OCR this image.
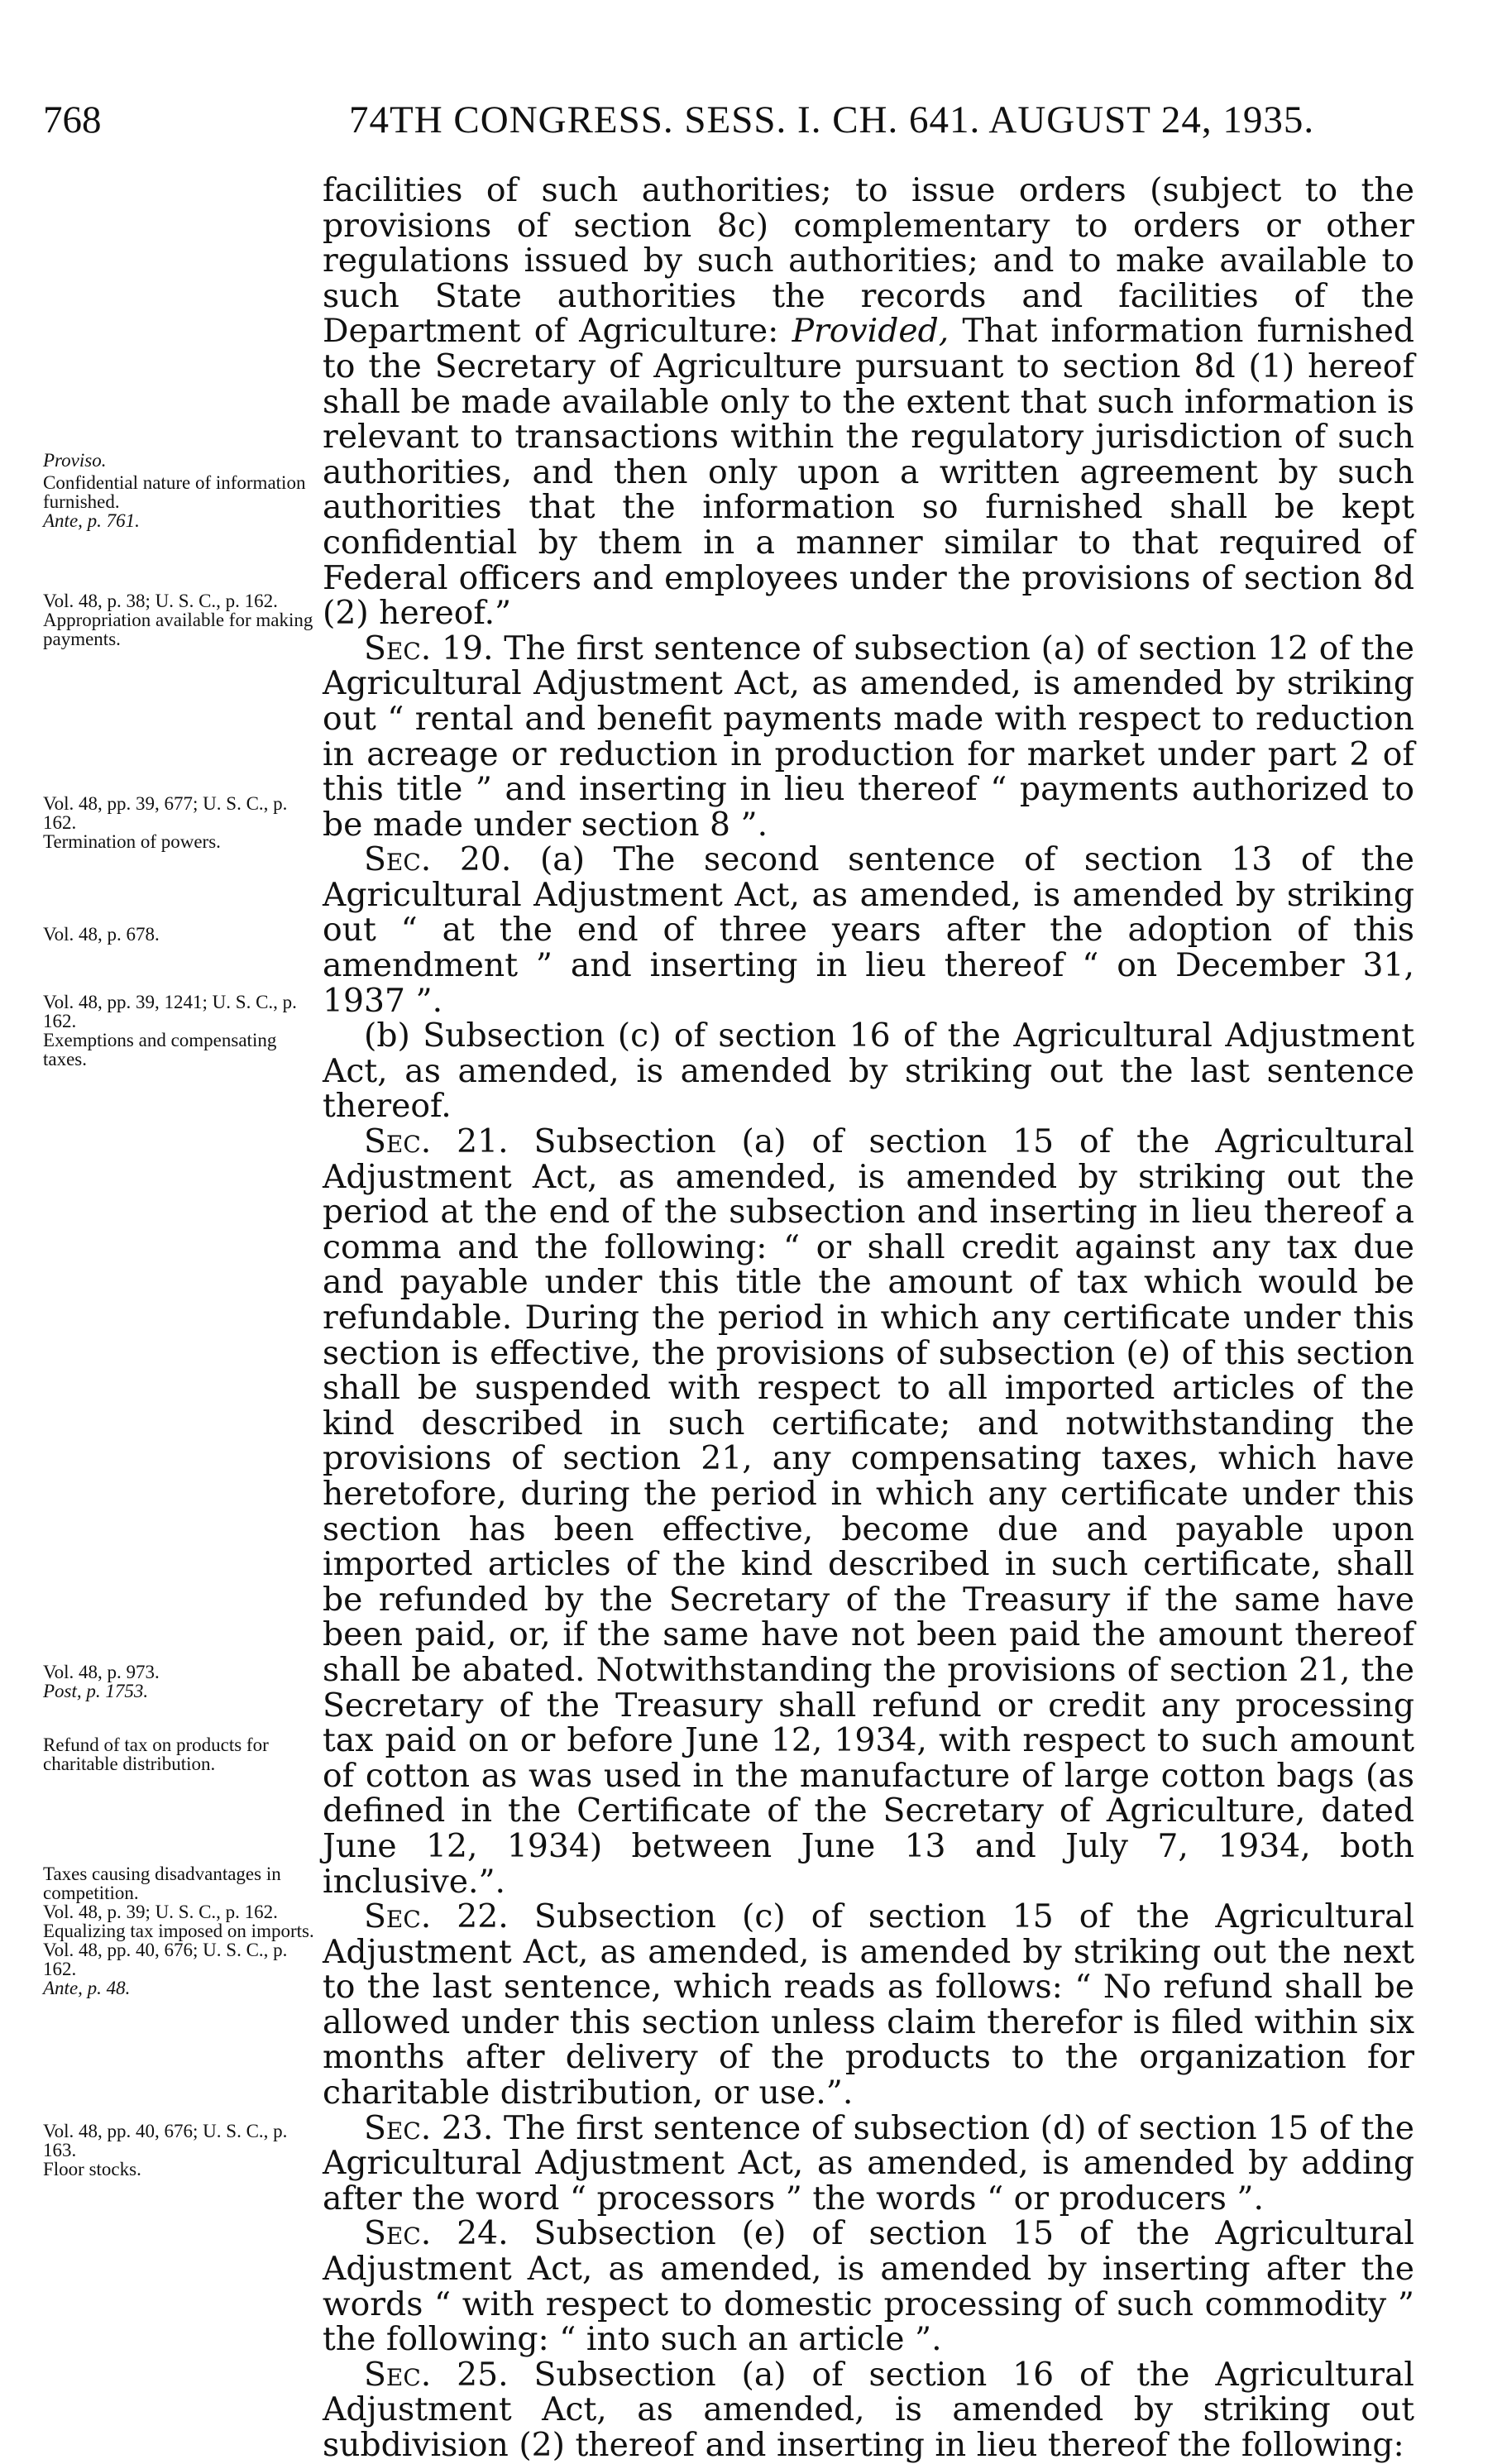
768	74TH CONGRESS. SESS. I. CH. 641. AUGUST 24, 1935.
Proviso.
Confidential nature of information furnished.
Ante, p. 761.
Vol. 48, p. 38; U. S. C., p. 162.
Appropriation available for making payments.
Vol. 48, pp. 39, 677; U. S. C., p. 162.
Termination of powers.
Vol. 48, p. 678.
Vol. 48, pp. 39, 1241; U. S. C., p. 162.
Exemptions and compensating taxes.
Vol. 48, p. 973.
Post, p. 1753.
Refund of tax on products for charitable distribution.
Taxes causing disadvantages in competition.
Vol. 48, p. 39; U. S. C., p. 162.
Equalizing tax imposed on imports.
Vol. 48, pp. 40, 676; U. S. C., p. 162.
Ante, p. 48.
Vol. 48, pp. 40, 676; U. S. C., p. 163.
Floor stocks.

facilities of such authorities; to issue orders (subject to the provisions of section 8c) complementary to orders or other regulations issued by such authorities; and to make available to such State authorities the records and facilities of the Department of Agriculture: Provided, That information furnished to the Secretary of Agriculture pursuant to section 8d (1) hereof shall be made available only to the extent that such information is relevant to transactions within the regulatory jurisdiction of such authorities, and then only upon a written agreement by such authorities that the information so furnished shall be kept confidential by them in a manner similar to that required of Federal officers and employees under the provisions of section 8d (2) hereof.”

Sec. 19. The first sentence of subsection (a) of section 12 of the Agricultural Adjustment Act, as amended, is amended by striking out “ rental and benefit payments made with respect to reduction in acreage or reduction in production for market under part 2 of this title ” and inserting in lieu thereof “ payments authorized to be made under section 8 ”.

Sec. 20. (a) The second sentence of section 13 of the Agricultural Adjustment Act, as amended, is amended by striking out “ at the end of three years after the adoption of this amendment ” and inserting in lieu thereof “ on December 31, 1937 ”.

(b) Subsection (c) of section 16 of the Agricultural Adjustment Act, as amended, is amended by striking out the last sentence thereof.

Sec. 21. Subsection (a) of section 15 of the Agricultural Adjustment Act, as amended, is amended by striking out the period at the end of the subsection and inserting in lieu thereof a comma and the following: “ or shall credit against any tax due and payable under this title the amount of tax which would be refundable. During the period in which any certificate under this section is effective, the provisions of subsection (e) of this section shall be suspended with respect to all imported articles of the kind described in such certificate; and notwithstanding the provisions of section 21, any compensating taxes, which have heretofore, during the period in which any certificate under this section has been effective, become due and payable upon imported articles of the kind described in such certificate, shall be refunded by the Secretary of the Treasury if the same have been paid, or, if the same have not been paid the amount thereof shall be abated. Notwithstanding the provisions of section 21, the Secretary of the Treasury shall refund or credit any processing tax paid on or before June 12, 1934, with respect to such amount of cotton as was used in the manufacture of large cotton bags (as defined in the Certificate of the Secretary of Agriculture, dated June 12, 1934) between June 13 and July 7, 1934, both inclusive.”.

Sec. 22. Subsection (c) of section 15 of the Agricultural Adjustment Act, as amended, is amended by striking out the next to the last sentence, which reads as follows: “ No refund shall be allowed under this section unless claim therefor is filed within six months after delivery of the products to the organization for charitable distribution, or use.”.

Sec. 23. The first sentence of subsection (d) of section 15 of the Agricultural Adjustment Act, as amended, is amended by adding after the word “ processors ” the words “ or producers ”.

Sec. 24. Subsection (e) of section 15 of the Agricultural Adjustment Act, as amended, is amended by inserting after the words “ with respect to domestic processing of such commodity ” the following: “ into such an article ”.

Sec. 25. Subsection (a) of section 16 of the Agricultural Adjustment Act, as amended, is amended by striking out subdivision (2) thereof and inserting in lieu thereof the following:
